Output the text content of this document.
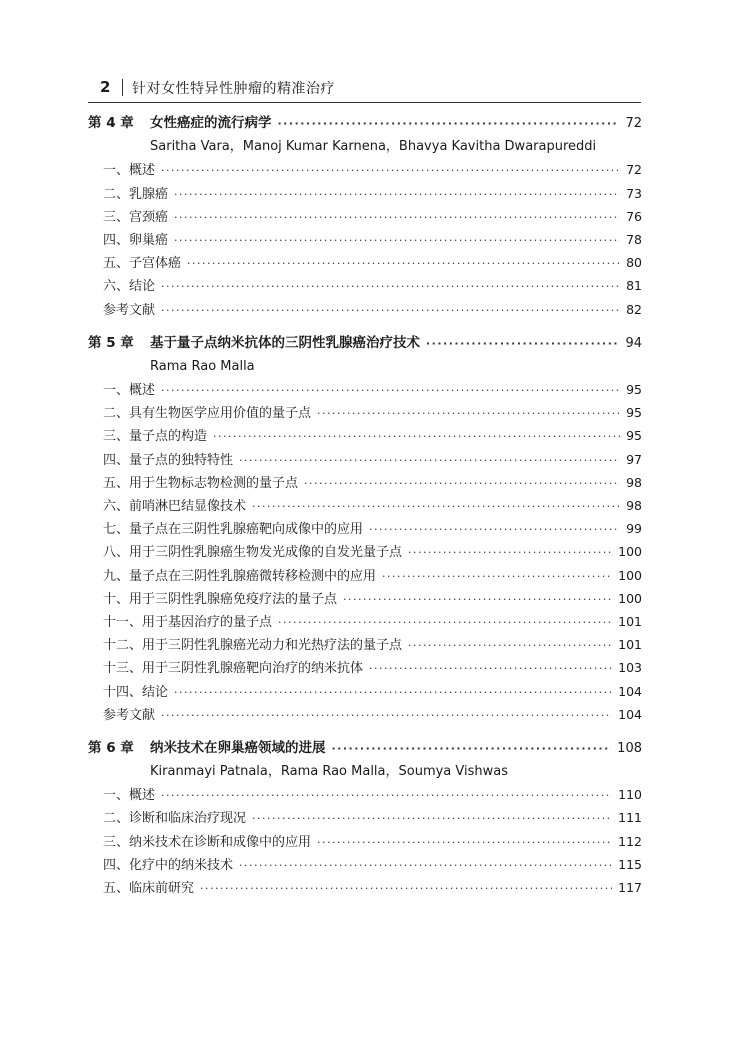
2 针对女性特异性肿瘤的精准治疗
第 4 章	女性癌症的流行病学 ·····	72
Saritha Vara，Manoj Kumar Karnena，Bhavya Kavitha Dwarapureddi
一、概述 ·····	72
二、乳腺癌 ·····	73
三、宫颈癌 ·····	76
四、卵巢癌 ·····	78
五、子宫体癌 ·····	80
六、结论 ·····	81
参考文献 ·····	82
第 5 章	基于量子点纳米抗体的三阴性乳腺癌治疗技术 ·····	94
Rama Rao Malla
一、概述 ·····	95
二、具有生物医学应用价值的量子点 ·····	95
三、量子点的构造 ·····	95
四、量子点的独特特性 ·····	97
五、用于生物标志物检测的量子点 ·····	98
六、前哨淋巴结显像技术 ·····	98
七、量子点在三阴性乳腺癌靶向成像中的应用 ·····	99
八、用于三阴性乳腺癌生物发光成像的自发光量子点 ·····	100
九、量子点在三阴性乳腺癌微转移检测中的应用 ·····	100
十、用于三阴性乳腺癌免疫疗法的量子点 ·····	100
十一、用于基因治疗的量子点 ·····	101
十二、用于三阴性乳腺癌光动力和光热疗法的量子点 ·····	101
十三、用于三阴性乳腺癌靶向治疗的纳米抗体 ·····	103
十四、结论 ·····	104
参考文献 ·····	104
第 6 章	纳米技术在卵巢癌领域的进展 ·····	108
Kiranmayi Patnala，Rama Rao Malla，Soumya Vishwas
一、概述 ·····	110
二、诊断和临床治疗现况 ·····	111
三、纳米技术在诊断和成像中的应用 ·····	112
四、化疗中的纳米技术 ·····	115
五、临床前研究 ·····	117
